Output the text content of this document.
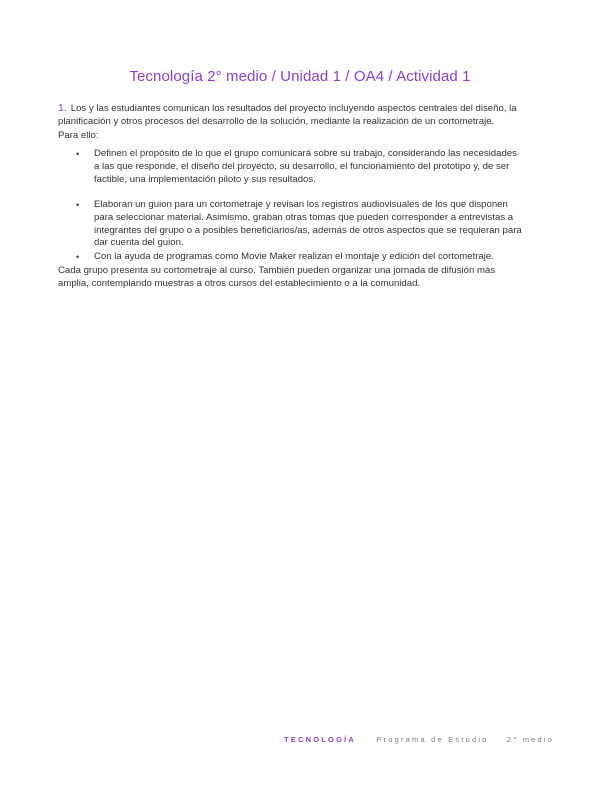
Tecnología 2° medio / Unidad 1 / OA4 / Actividad 1
1. Los y las estudiantes comunican los resultados del proyecto incluyendo aspectos centrales del diseño, la planificación y otros procesos del desarrollo de la solución, mediante la realización de un cortometraje.
Para ello:
• Definen el propósito de lo que el grupo comunicará sobre su trabajo, considerando las necesidades a las que responde, el diseño del proyecto, su desarrollo, el funcionamiento del prototipo y, de ser factible, una implementación piloto y sus resultados.
• Elaboran un guion para un cortometraje y revisan los registros audiovisuales de los que disponen para seleccionar material. Asimismo, graban otras tomas que pueden corresponder a entrevistas a integrantes del grupo o a posibles beneficiarios/as, además de otros aspectos que se requieran para dar cuenta del guion.
• Con la ayuda de programas como Movie Maker realizan el montaje y edición del cortometraje.
Cada grupo presenta su cortometraje al curso. También pueden organizar una jornada de difusión más amplia, contemplando muestras a otros cursos del establecimiento o a la comunidad.
TECNOLOGÍA	Programa de Estudio 2° medio
